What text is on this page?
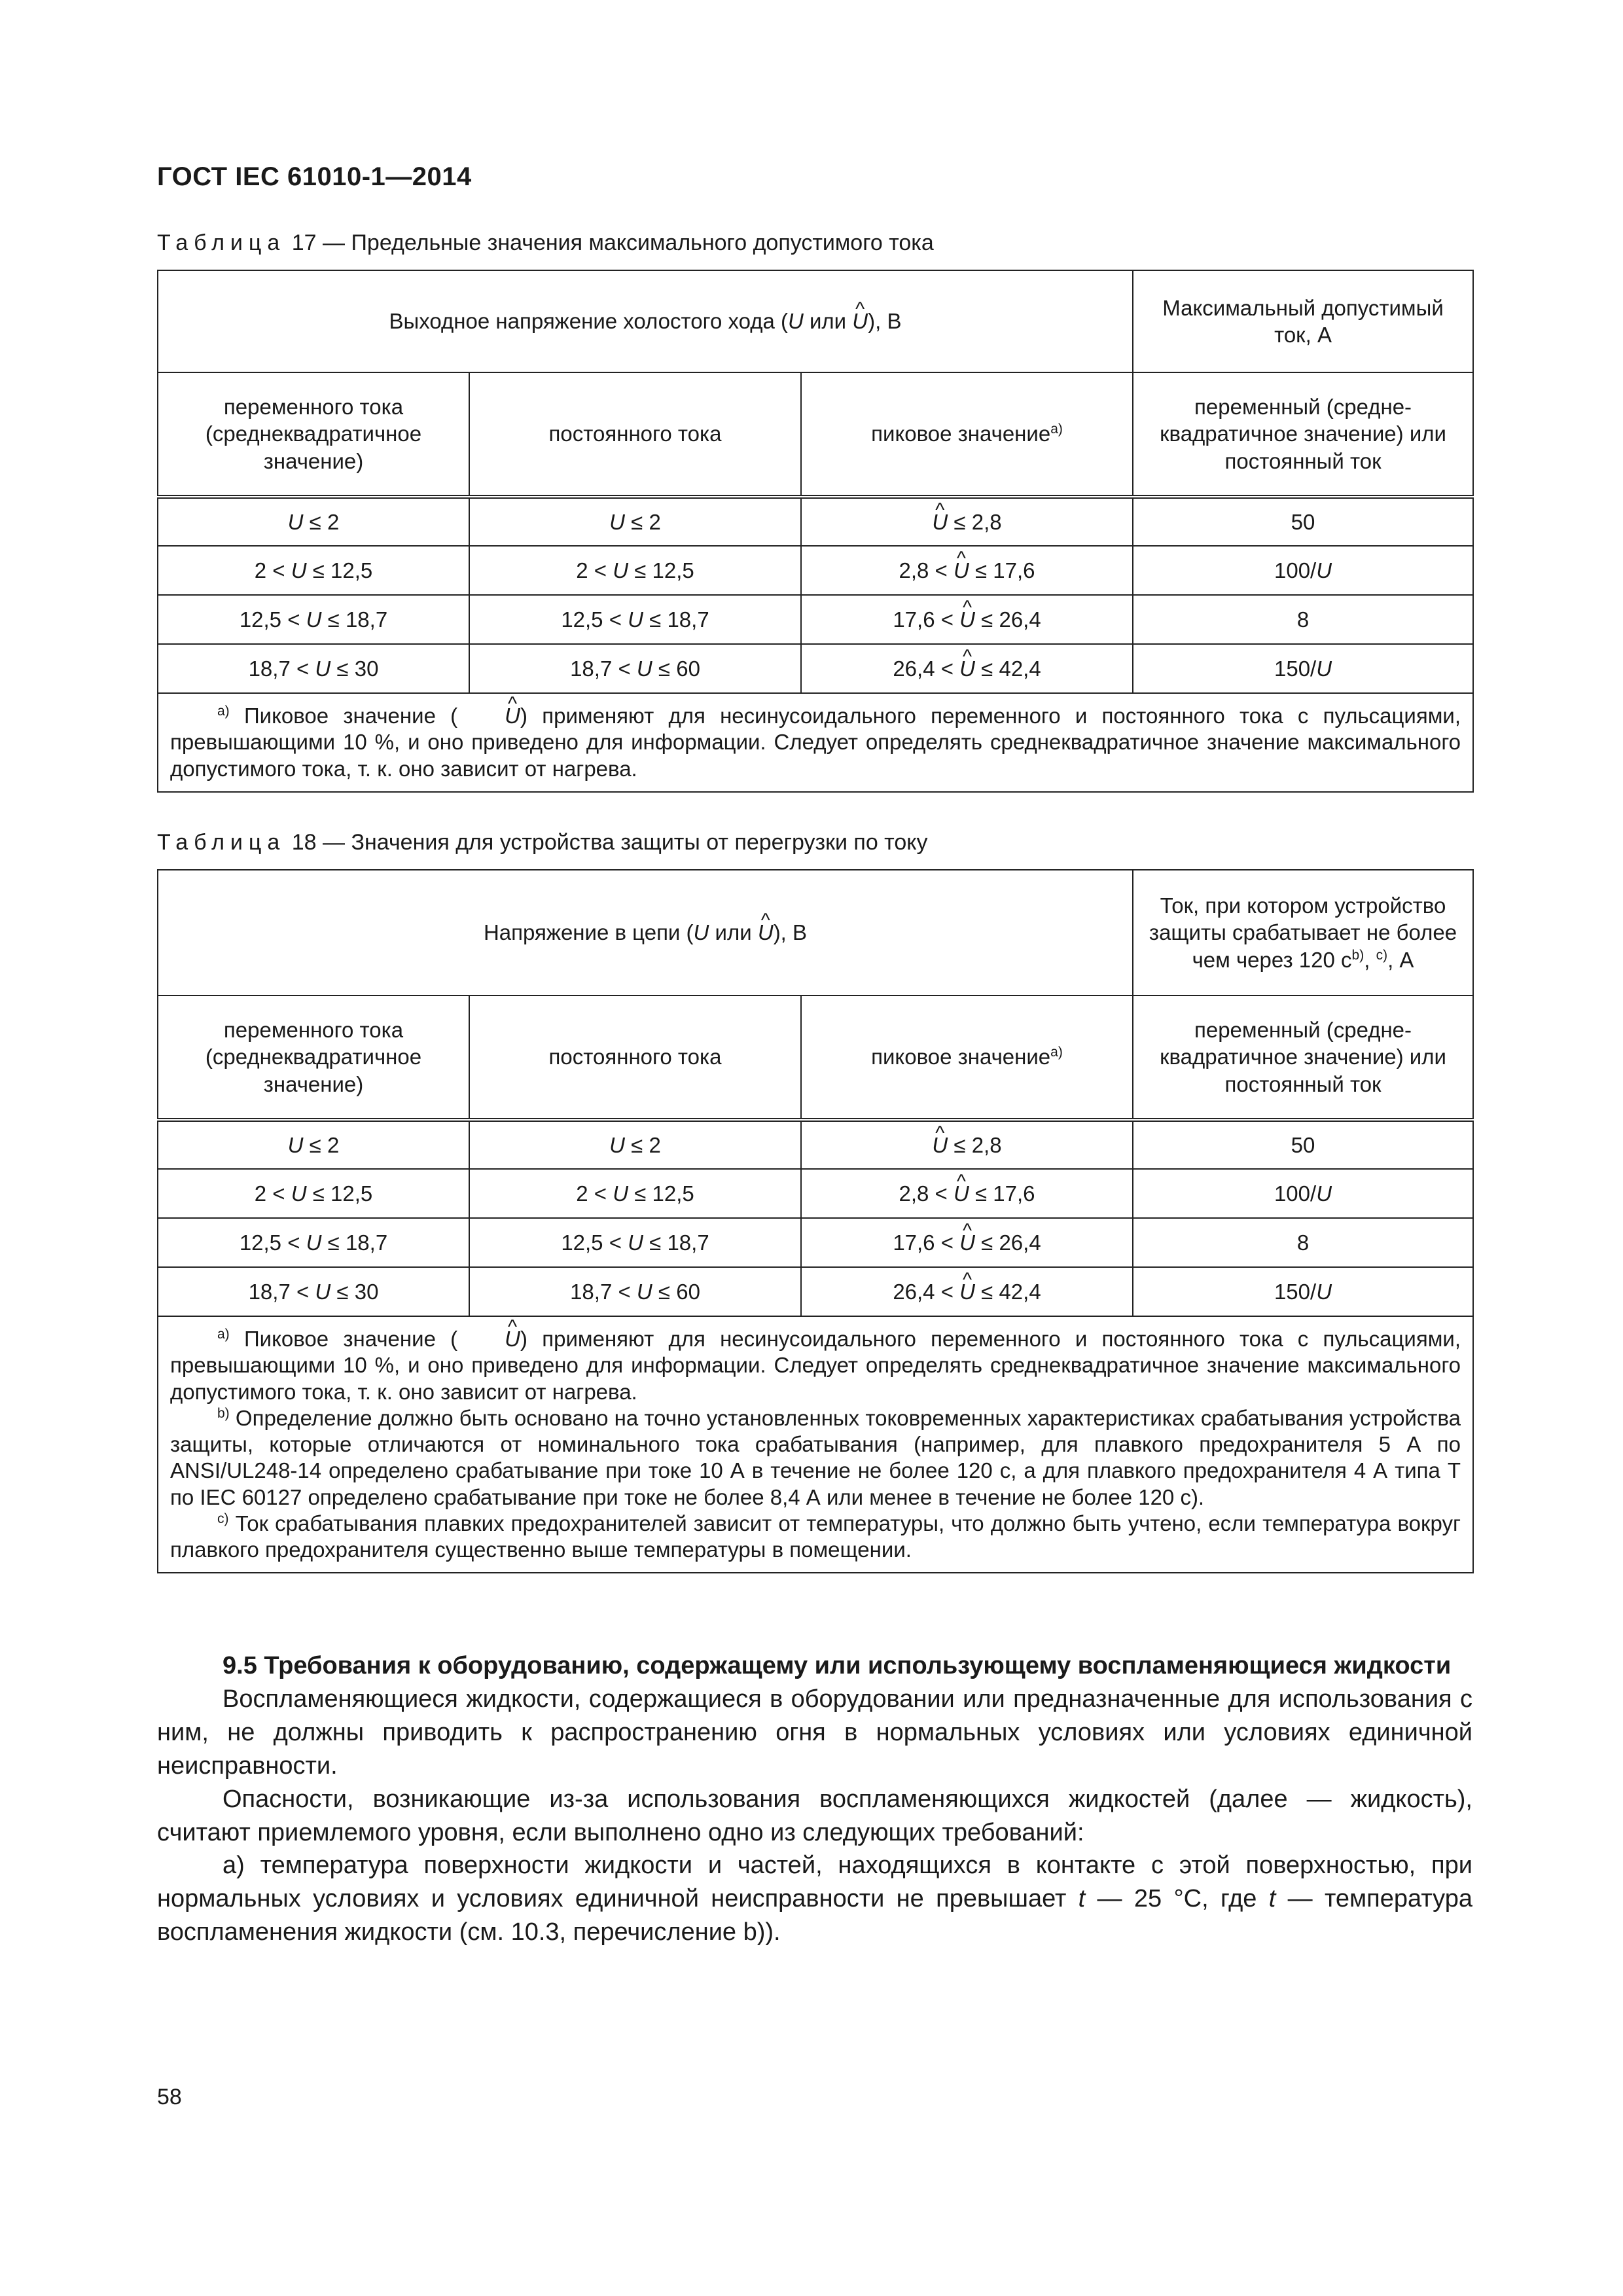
ГОСТ IEC 61010-1—2014
Таблица 17 — Предельные значения максимального допустимого тока
Выходное напряжение холостого хода (U или ^ U), В			Максимальный допустимый ток, А
переменного тока (среднеквадратичное значение)	постоянного тока	пиковое значение$^{a)}$	переменный (средне-квадратичное значение) или постоянный ток
U ≤ 2	U ≤ 2	^ U ≤ 2,8	50
2 < U ≤ 12,5	2 < U ≤ 12,5	2,8 < ^ U ≤ 17,6	100/U
12,5 < U ≤ 18,7	12,5 < U ≤ 18,7	17,6 < ^ U ≤ 26,4	8
18,7 < U ≤ 30	18,7 < U ≤ 60	26,4 < ^ U ≤ 42,4	150/U

$^{a)}$ Пиковое значение ( ^ U) применяют для несинусоидального переменного и постоянного тока с пульсациями, превышающими 10 %, и оно приведено для информации. Следует определять среднеквадратичное значение максимального допустимого тока, т. к. оно зависит от нагрева.

Таблица 18 — Значения для устройства защиты от перегрузки по току
Напряжение в цепи (U или ^ U), В			Ток, при котором устройство защиты срабатывает не более чем через 120 $с^{b)}$, $^{c)}$, А
переменного тока (среднеквадратичное значение)	постоянного тока	пиковое значение$^{a)}$	переменный (средне-квадратичное значение) или постоянный ток
U ≤ 2	U ≤ 2	^ U ≤ 2,8	50
2 < U ≤ 12,5	2 < U ≤ 12,5	2,8 < ^ U ≤ 17,6	100/U
12,5 < U ≤ 18,7	12,5 < U ≤ 18,7	17,6 < ^ U ≤ 26,4	8
18,7 < U ≤ 30	18,7 < U ≤ 60	26,4 < ^ U ≤ 42,4	150/U

$^{a)}$ Пиковое значение ( ^ U) применяют для несинусоидального переменного и постоянного тока с пульсациями, превышающими 10 %, и оно приведено для информации. Следует определять среднеквадратичное значение максимального допустимого тока, т. к. оно зависит от нагрева.

$^{b)}$ Определение должно быть основано на точно установленных токовременных характеристиках срабатывания устройства защиты, которые отличаются от номинального тока срабатывания (например, для плавкого предохранителя 5 А по ANSI/UL248-14 определено срабатывание при токе 10 А в течение не более 120 с, а для плавкого предохранителя 4 А типа Т по IEC 60127 определено срабатывание при токе не более 8,4 А или менее в течение не более 120 с).

$^{c)}$ Ток срабатывания плавких предохранителей зависит от температуры, что должно быть учтено, если температура вокруг плавкого предохранителя существенно выше температуры в помещении.

9.5 Требования к оборудованию, содержащему или использующему воспламеняющиеся жидкости

Воспламеняющиеся жидкости, содержащиеся в оборудовании или предназначенные для использования с ним, не должны приводить к распространению огня в нормальных условиях или условиях единичной неисправности.

Опасности, возникающие из-за использования воспламеняющихся жидкостей (далее — жидкость), считают приемлемого уровня, если выполнено одно из следующих требований:

a) температура поверхности жидкости и частей, находящихся в контакте с этой поверхностью, при нормальных условиях и условиях единичной неисправности не превышает t — 25 °С, где t — температура воспламенения жидкости (см. 10.3, перечисление b)).

58
